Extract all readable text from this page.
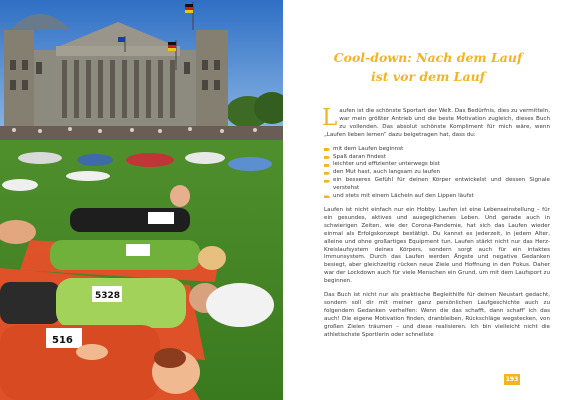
5328
516
Cool-down: Nach dem Lauf
ist vor dem Lauf

Laufen ist die schönste Sportart der Welt. Das Bedürfnis, dies zu vermitteln, war mein größter Antrieb und die beste Motivation zugleich, dieses Buch zu vollenden. Das absolut schönste Kompliment für mich wäre, wenn „Laufen lieben lernen“ dazu beigetragen hat, dass du:

mit dem Laufen beginnst
Spaß daran findest
leichter und effizienter unterwegs bist
den Mut hast, auch langsam zu laufen
ein besseres Gefühl für deinen Körper entwickelst und dessen Signale verstehst
und stets mit einem Lächeln auf den Lippen läufst

Laufen ist nicht einfach nur ein Hobby. Laufen ist eine Lebenseinstellung – für ein gesundes, aktives und ausgeglichenes Leben. Und gerade auch in schwierigen Zeiten, wie der Corona-Pandemie, hat sich das Laufen wieder einmal als Erfolgskonzept bestätigt. Du kannst es jederzeit, in jedem Alter, alleine und ohne großartiges Equipment tun. Laufen stärkt nicht nur das Herz-Kreislaufsystem deines Körpers, sondern sorgt auch für ein intaktes Immunsystem. Durch das Laufen werden Ängste und negative Gedanken besiegt, aber gleichzeitig rücken neue Ziele und Hoffnung in den Fokus. Daher war der Lockdown auch für viele Menschen ein Grund, um mit dem Laufsport zu beginnen.

Das Buch ist nicht nur als praktische Begleithilfe für deinen Neustart gedacht, sondern soll dir mit meiner ganz persönlichen Laufgeschichte auch zu folgendem Gedanken verhelfen: Wenn die das schafft, dann schaff' ich das auch! Die eigene Motivation finden, dranbleiben, Rückschläge wegstecken, von großen Zielen träumen – und diese realisieren. Ich bin vielleicht nicht die athletischste Sportlerin oder schnellste

193
